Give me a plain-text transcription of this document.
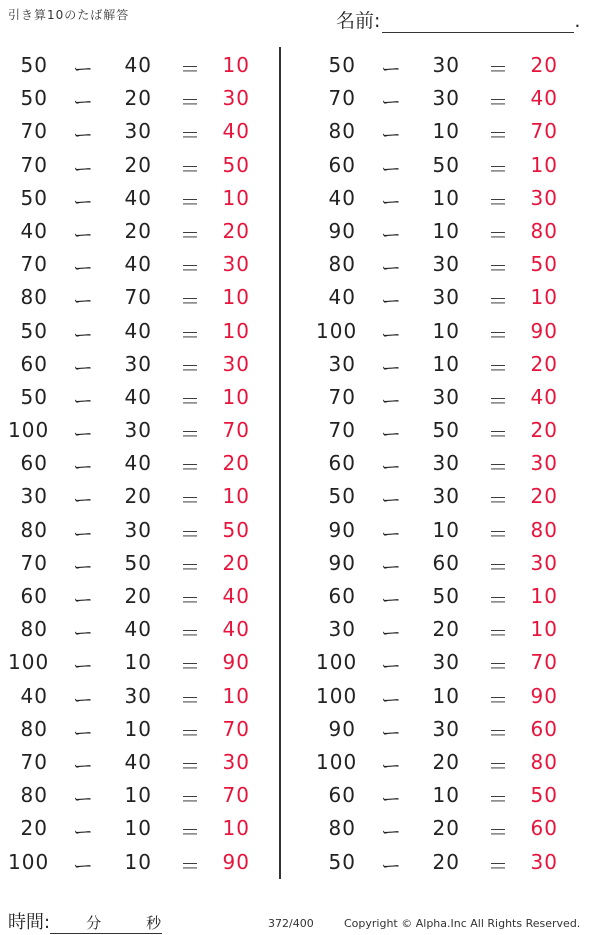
引き算10のたば解答	名前:	.
50 ー	40 ＝	10
50 ー	20 ＝	30
70 ー	30 ＝	40
70 ー	20 ＝	50
50 ー	40 ＝	10
40 ー	20 ＝	20
70 ー	40 ＝	30
80 ー	70 ＝	10
50 ー	40 ＝	10
60 ー	30 ＝	30
50 ー	40 ＝	10
100 ー	30 ＝	70
60 ー	40 ＝	20
30 ー	20 ＝	10
80 ー	30 ＝	50
70 ー	50 ＝	20
60 ー	20 ＝	40
80 ー	40 ＝	40
100 ー	10 ＝	90
40 ー	30 ＝	10
80 ー	10 ＝	70
70 ー	40 ＝	30
80 ー	10 ＝	70
20 ー	10 ＝	10
100 ー	10 ＝	90
50 ー	30 ＝	20
70 ー	30 ＝	40
80 ー	10 ＝	70
60 ー	50 ＝	10
40 ー	10 ＝	30
90 ー	10 ＝	80
80 ー	30 ＝	50
40 ー	30 ＝	10
100 ー	10 ＝	90
30 ー	10 ＝	20
70 ー	30 ＝	40
70 ー	50 ＝	20
60 ー	30 ＝	30
50 ー	30 ＝	20
90 ー	10 ＝	80
90 ー	60 ＝	30
60 ー	50 ＝	10
30 ー	20 ＝	10
100 ー	30 ＝	70
100 ー	10 ＝	90
90 ー	30 ＝	60
100 ー	20 ＝	80
60 ー	10 ＝	50
80 ー	20 ＝	60
50 ー	20 ＝	30
時間: 分	秒	372/400	Copyright © Alpha.Inc All Rights Reserved.
